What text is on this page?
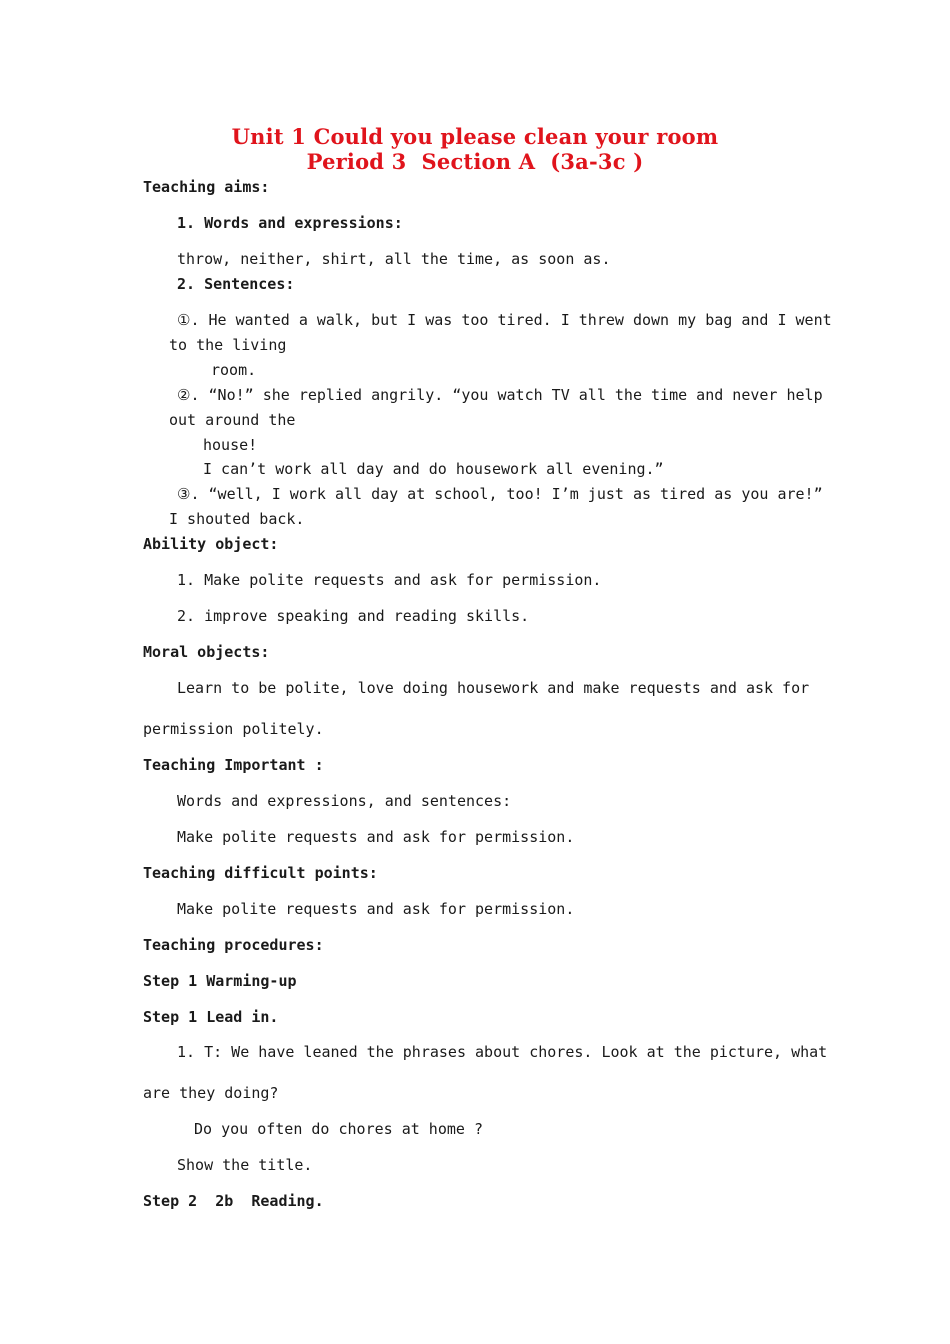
Unit 1 Could you please clean your room
Period 3  Section A  (3a-3c )
Teaching aims:
1. Words and expressions:
throw, neither, shirt, all the time, as soon as.
2. Sentences:
①. He wanted a walk, but I was too tired. I threw down my bag and I went
to the living
room.
②. “No!” she replied angrily. “you watch TV all the time and never help
out around the
house!
I can’t work all day and do housework all evening.”
③. “well, I work all day at school, too! I’m just as tired as you are!”
I shouted back.
Ability object:
1. Make polite requests and ask for permission.
2. improve speaking and reading skills.
Moral objects:
Learn to be polite, love doing housework and make requests and ask for
permission politely.
Teaching Important :
Words and expressions, and sentences:
Make polite requests and ask for permission.
Teaching difficult points:
Make polite requests and ask for permission.
Teaching procedures:
Step 1 Warming-up
Step 1 Lead in.
1. T: We have leaned the phrases about chores. Look at the picture, what
are they doing?
Do you often do chores at home ?
Show the title.
Step 2  2b  Reading.
